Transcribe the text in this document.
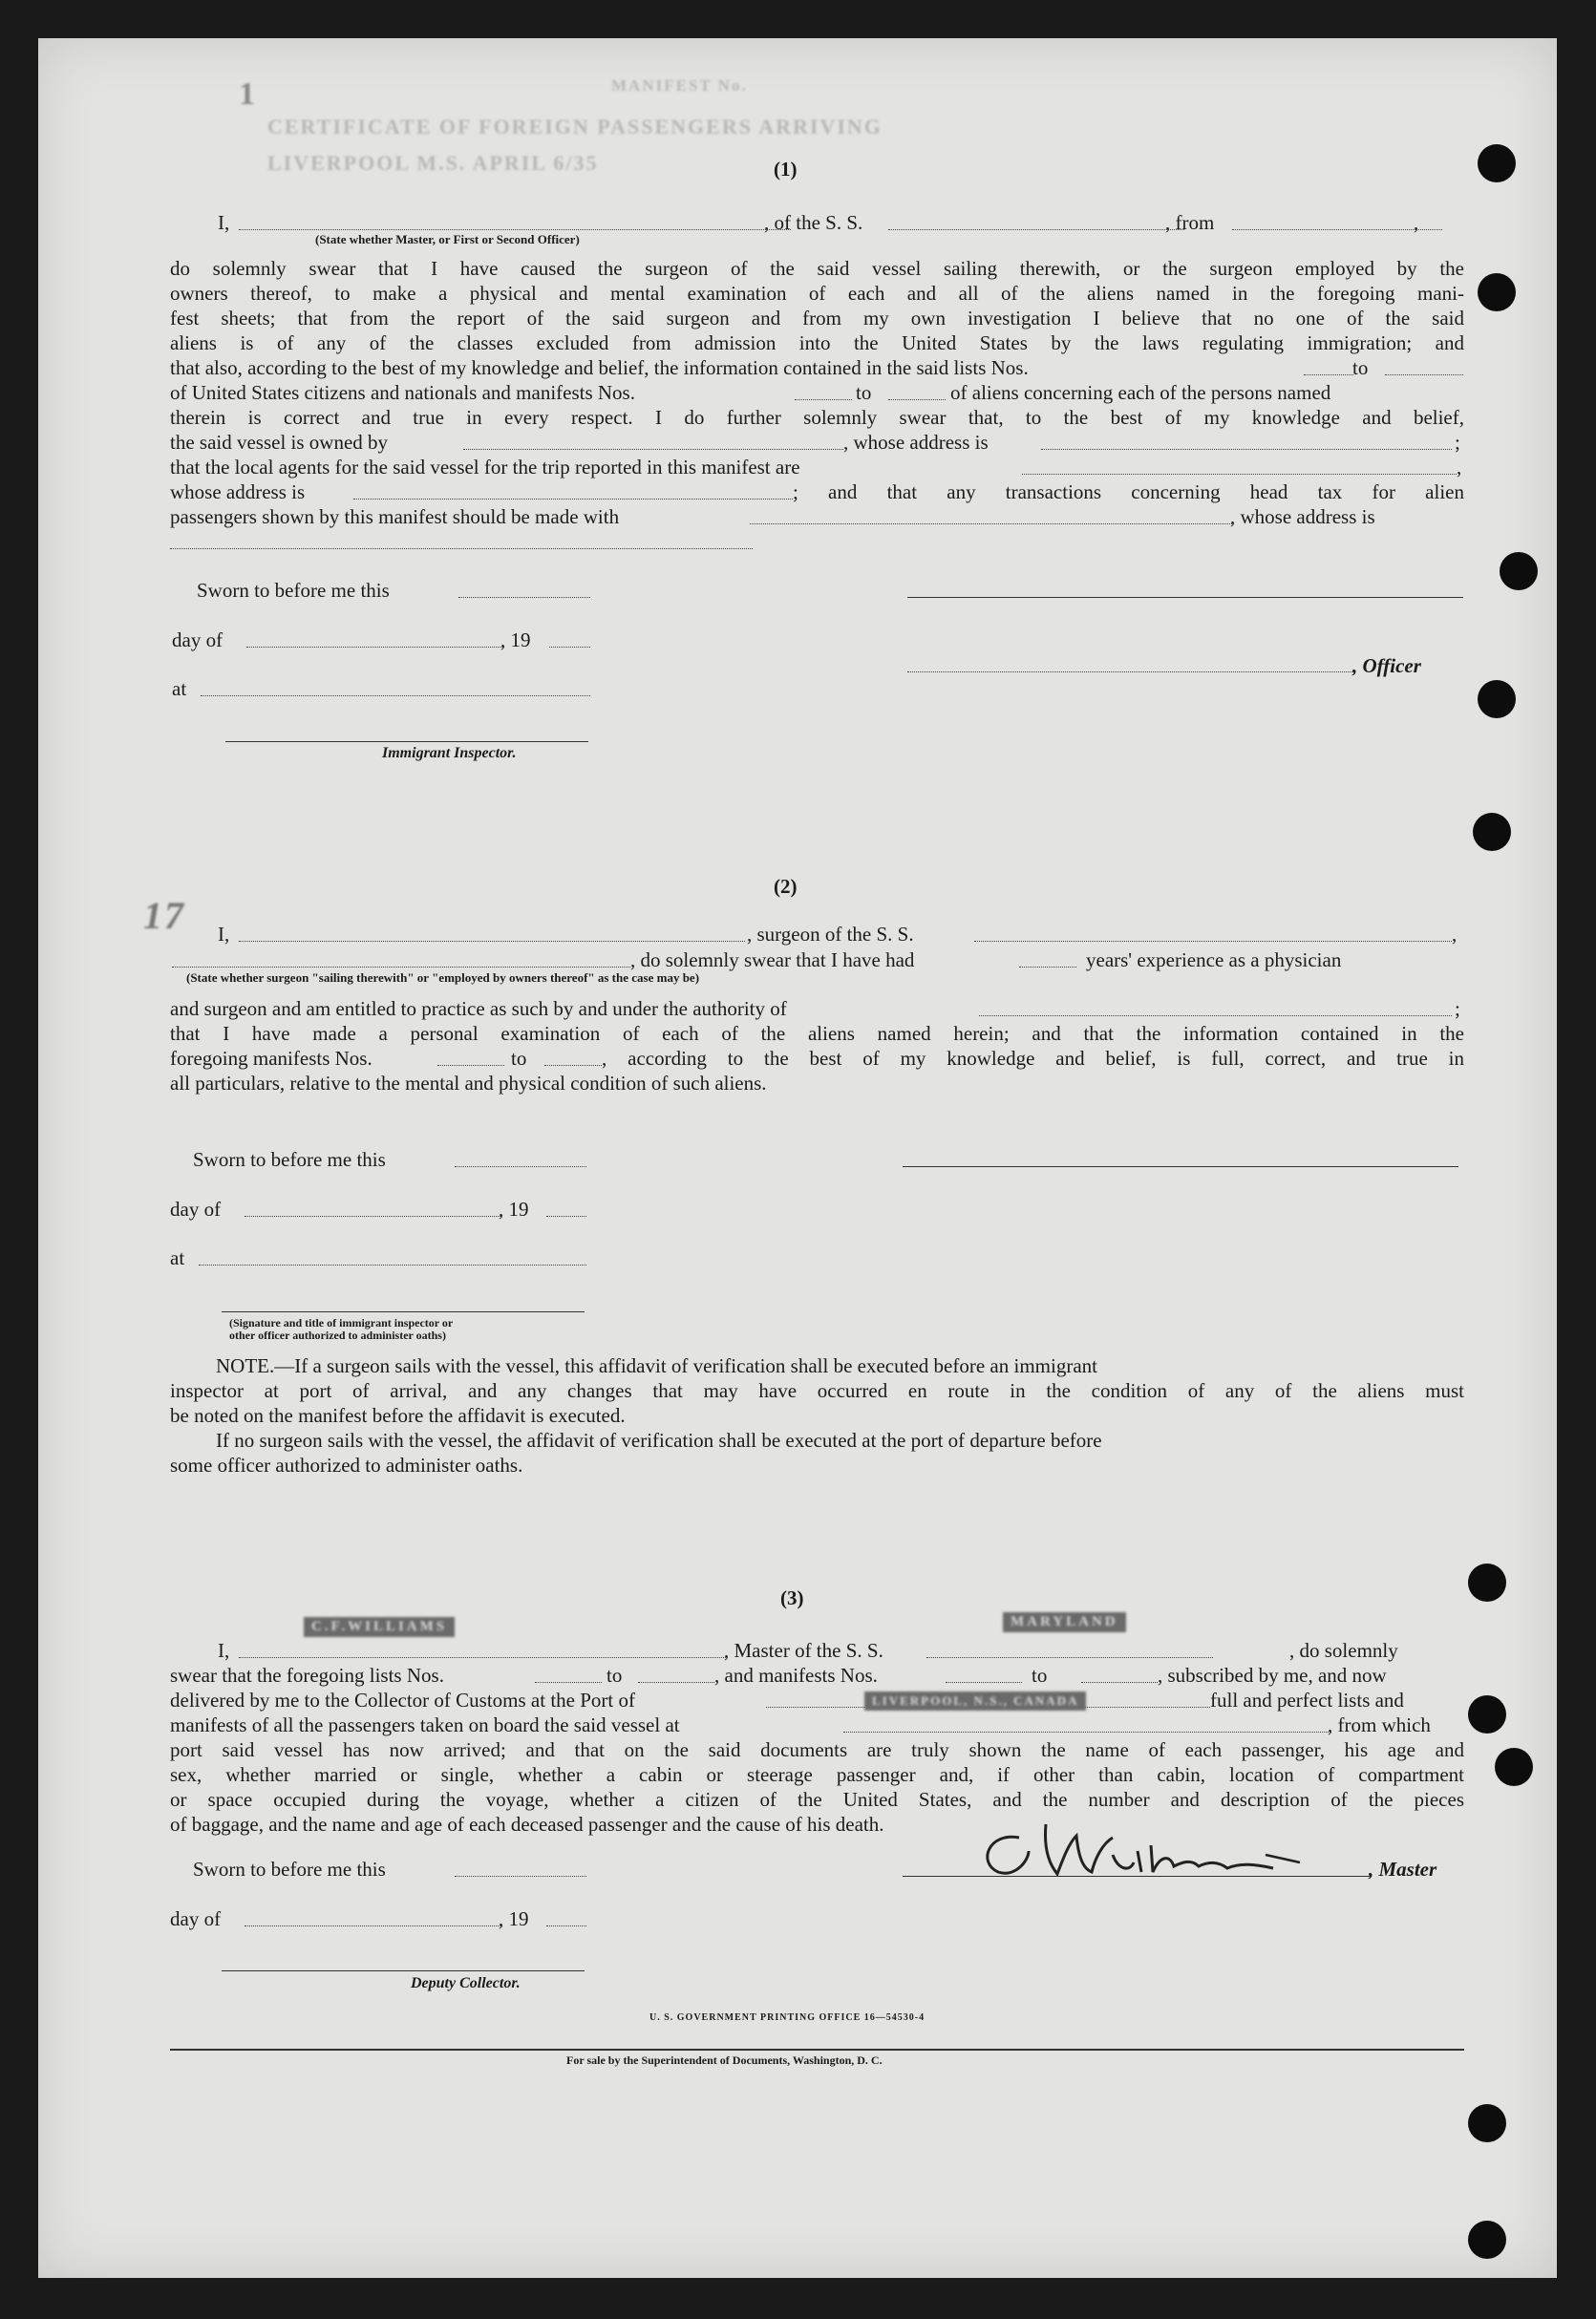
1	MANIFEST No.
CERTIFICATE OF FOREIGN PASSENGERS ARRIVING
LIVERPOOL M.S. APRIL 6/35
17
(1)
I,	, of the S. S.	, from	,
(State whether Master, or First or Second Officer)
do solemnly swear that I have caused the surgeon of the said vessel sailing therewith, or the surgeon employed by the
owners thereof, to make a physical and mental examination of each and all of the aliens named in the foregoing mani-
fest sheets; that from the report of the said surgeon and from my own investigation I believe that no one of the said
aliens is of any of the classes excluded from admission into the United States by the laws regulating immigration; and
that also, according to the best of my knowledge and belief, the information contained in the said lists Nos.	to
of United States citizens and nationals and manifests Nos.	to	of aliens concerning each of the persons named
therein is correct and true in every respect. I do further solemnly swear that, to the best of my knowledge and belief,
the said vessel is owned by	, whose address is	;
that the local agents for the said vessel for the trip reported in this manifest are	,
whose address is	; and that any transactions concerning head tax for alien
passengers shown by this manifest should be made with	, whose address is
Sworn to before me this
day of	, 19
, Officer
at
Immigrant Inspector.
(2)
I,	, surgeon of the S. S.	,
, do solemnly swear that I have had	years' experience as a physician
(State whether surgeon "sailing therewith" or "employed by owners thereof" as the case may be)
and surgeon and am entitled to practice as such by and under the authority of	;
that I have made a personal examination of each of the aliens named herein; and that the information contained in the
foregoing manifests Nos.	to	, according to the best of my knowledge and belief, is full, correct, and true in
all particulars, relative to the mental and physical condition of such aliens.
Sworn to before me this
day of	, 19
at
(Signature and title of immigrant inspector or
other officer authorized to administer oaths)
NOTE.—If a surgeon sails with the vessel, this affidavit of verification shall be executed before an immigrant
inspector at port of arrival, and any changes that may have occurred en route in the condition of any of the aliens must
be noted on the manifest before the affidavit is executed.
If no surgeon sails with the vessel, the affidavit of verification shall be executed at the port of departure before
some officer authorized to administer oaths.
(3)
C.F.WILLIAMS	MARYLAND
I,	, Master of the S. S.	, do solemnly
swear that the foregoing lists Nos.	to	, and manifests Nos.	to	, subscribed by me, and now
delivered by me to the Collector of Customs at the Port of	LIVERPOOL, N.S., CANADA	full and perfect lists and
manifests of all the passengers taken on board the said vessel at	, from which
port said vessel has now arrived; and that on the said documents are truly shown the name of each passenger, his age and
sex, whether married or single, whether a cabin or steerage passenger and, if other than cabin, location of compartment
or space occupied during the voyage, whether a citizen of the United States, and the number and description of the pieces
of baggage, and the name and age of each deceased passenger and the cause of his death.
Sworn to before me this	, Master
day of	, 19
Deputy Collector.
U. S. GOVERNMENT PRINTING OFFICE 16—54530-4
For sale by the Superintendent of Documents, Washington, D. C.
